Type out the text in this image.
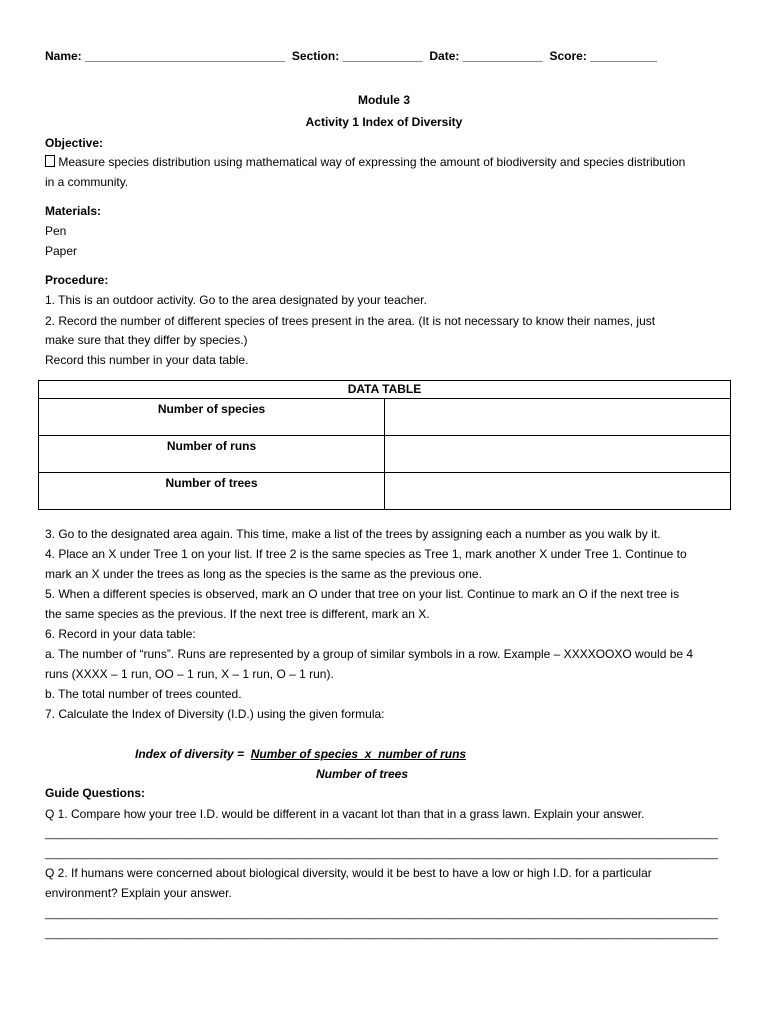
Name: ______________________________ Section: ____________ Date: ____________ Score: __________
Module 3
Activity 1 Index of Diversity
Objective:
Measure species distribution using mathematical way of expressing the amount of biodiversity and species distribution
in a community.
Materials:
Pen
Paper
Procedure:
1. This is an outdoor activity. Go to the area designated by your teacher.
2. Record the number of different species of trees present in the area. (It is not necessary to know their names, just
make sure that they differ by species.)
Record this number in your data table.
DATA TABLE	
Number of species	
Number of runs	
Number of trees	
3. Go to the designated area again. This time, make a list of the trees by assigning each a number as you walk by it.
4. Place an X under Tree 1 on your list. If tree 2 is the same species as Tree 1, mark another X under Tree 1. Continue to
mark an X under the trees as long as the species is the same as the previous one.
5. When a different species is observed, mark an O under that tree on your list. Continue to mark an O if the next tree is
the same species as the previous. If the next tree is different, mark an X.
6. Record in your data table:
a. The number of “runs”. Runs are represented by a group of similar symbols in a row. Example – XXXXOOXO would be 4
runs (XXXX – 1 run, OO – 1 run, X – 1 run, O – 1 run).
b. The total number of trees counted.
7. Calculate the Index of Diversity (I.D.) using the given formula:
Index of diversity =  Number of species  x  number of runs
Number of trees
Guide Questions:
Q 1. Compare how your tree I.D. would be different in a vacant lot than that in a grass lawn. Explain your answer.
______________________________________________________________________________________________________________
______________________________________________________________________________________________________________
Q 2. If humans were concerned about biological diversity, would it be best to have a low or high I.D. for a particular
environment? Explain your answer.
______________________________________________________________________________________________________________
______________________________________________________________________________________________________________
